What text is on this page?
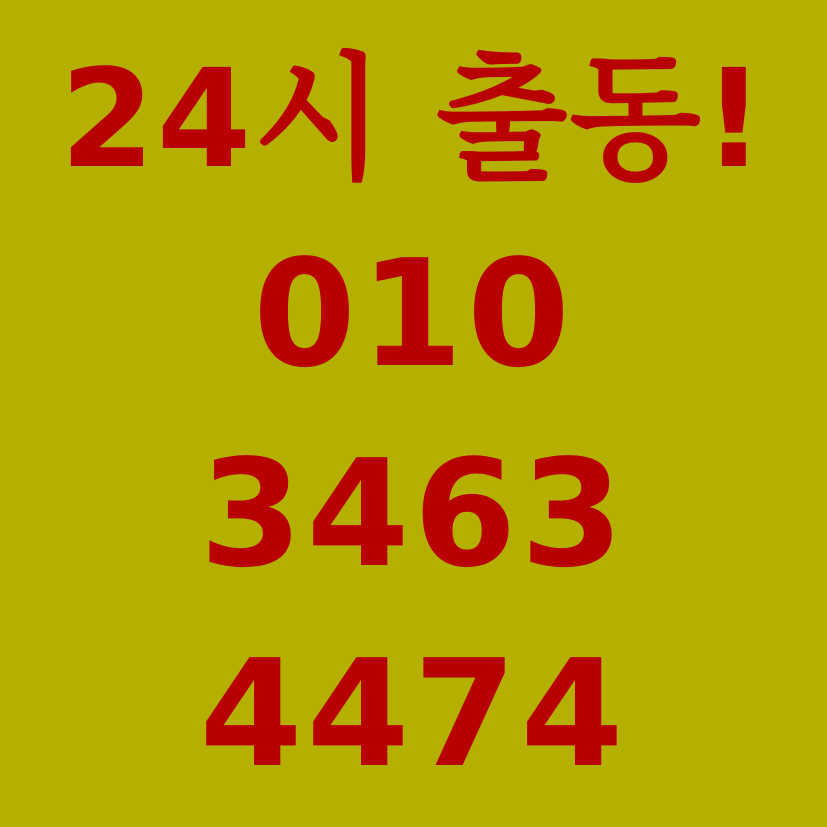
24시 출동!
010
3463
4474
